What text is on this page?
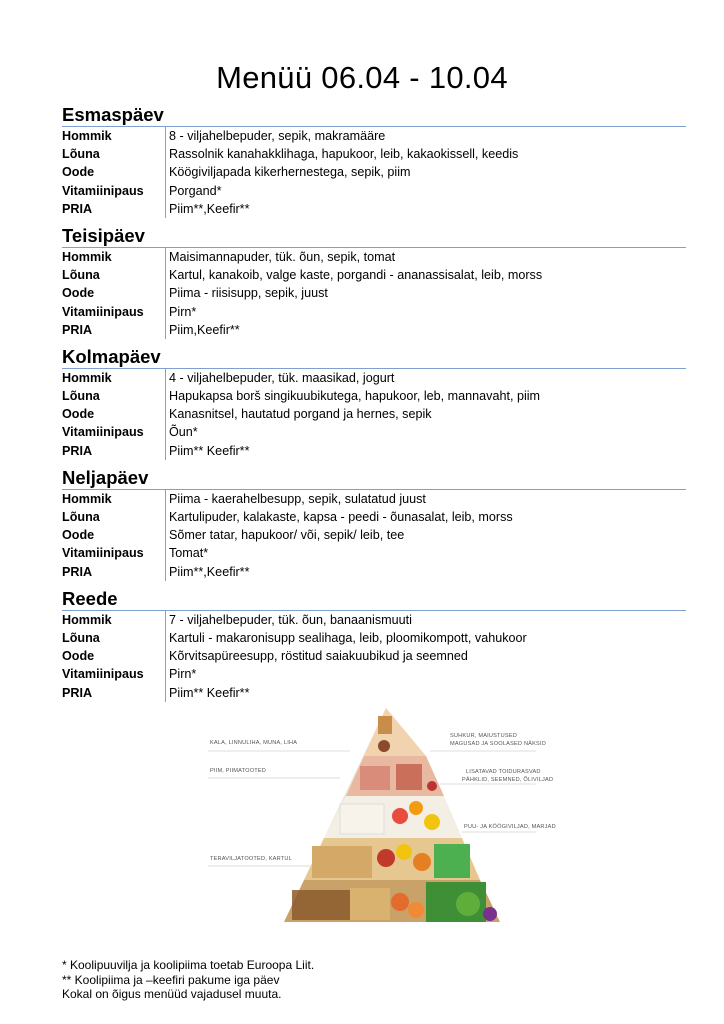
Menüü 06.04 - 10.04
Esmaspäev
Hommik	8 - viljahelbepuder, sepik, makramääre
Lõuna	Rassolnik kanahakklihaga, hapukoor, leib, kakaokissell, keedis
Oode	Köögiviljapada kikerhernestega, sepik, piim
Vitamiinipaus	Porgand*
PRIA	Piim**,Keefir**
Teisipäev
Hommik	Maisimannapuder, tük. õun, sepik, tomat
Lõuna	Kartul, kanakoib, valge kaste, porgandi - ananassisalat, leib, morss
Oode	Piima - riisisupp, sepik, juust
Vitamiinipaus	Pirn*
PRIA	Piim,Keefir**
Kolmapäev
Hommik	4 - viljahelbepuder, tük. maasikad, jogurt
Lõuna	Hapukapsa borš singikuubikutega, hapukoor, leb, mannavaht, piim
Oode	Kanasnitsel, hautatud porgand ja hernes, sepik
Vitamiinipaus	Õun*
PRIA	Piim** Keefir**
Neljapäev
Hommik	Piima - kaerahelbesupp, sepik, sulatatud juust
Lõuna	Kartulipuder, kalakaste, kapsa - peedi - õunasalat, leib, morss
Oode	Sõmer tatar, hapukoor/ või, sepik/ leib, tee
Vitamiinipaus	Tomat*
PRIA	Piim**,Keefir**
Reede
Hommik	7 - viljahelbepuder, tük. õun, banaanismuuti
Lõuna	Kartuli - makaronisupp sealihaga, leib, ploomikompott, vahukoor
Oode	Kõrvitsapüreesupp, röstitud saiakuubikud ja seemned
Vitamiinipaus	Pirn*
PRIA	Piim** Keefir**
KALA, LINNULIHA, MUNA, LIHA
PIIM, PIIMATOOTED
TERAVILJATOOTED, KARTUL
SUHKUR, MAIUSTUSED
MAGUSAD JA SOOLASED NÄKSID
LISATAVAD TOIDURASVAD
PÄHKLID, SEEMNED, ÕLIVILJAD
PUU- JA KÖÖGIVILJAD, MARJAD
* Koolipuuvilja ja koolipiima toetab Euroopa Liit.
** Koolipiima ja –keefiri pakume iga päev
Kokal on õigus menüüd vajadusel muuta.
